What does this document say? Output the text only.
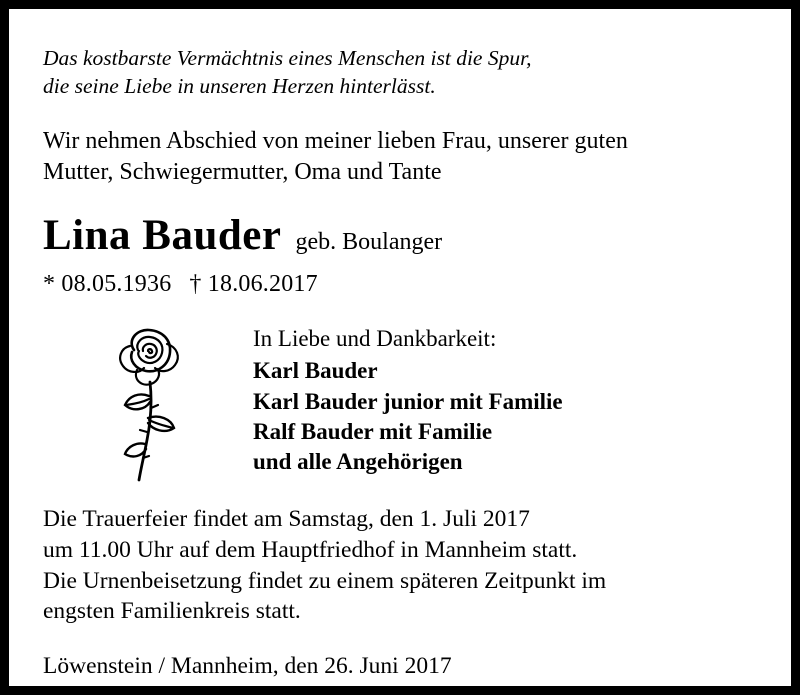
Das kostbarste Vermächtnis eines Menschen ist die Spur,
die seine Liebe in unseren Herzen hinterlässt.
Wir nehmen Abschied von meiner lieben Frau, unserer guten
Mutter, Schwiegermutter, Oma und Tante
Lina Bauder geb. Boulanger
* 08.05.1936 † 18.06.2017
In Liebe und Dankbarkeit:
Karl Bauder
Karl Bauder junior mit Familie
Ralf Bauder mit Familie
und alle Angehörigen
Die Trauerfeier findet am Samstag, den 1. Juli 2017
um 11.00 Uhr auf dem Hauptfriedhof in Mannheim statt.
Die Urnenbeisetzung findet zu einem späteren Zeitpunkt im
engsten Familienkreis statt.
Löwenstein / Mannheim, den 26. Juni 2017
